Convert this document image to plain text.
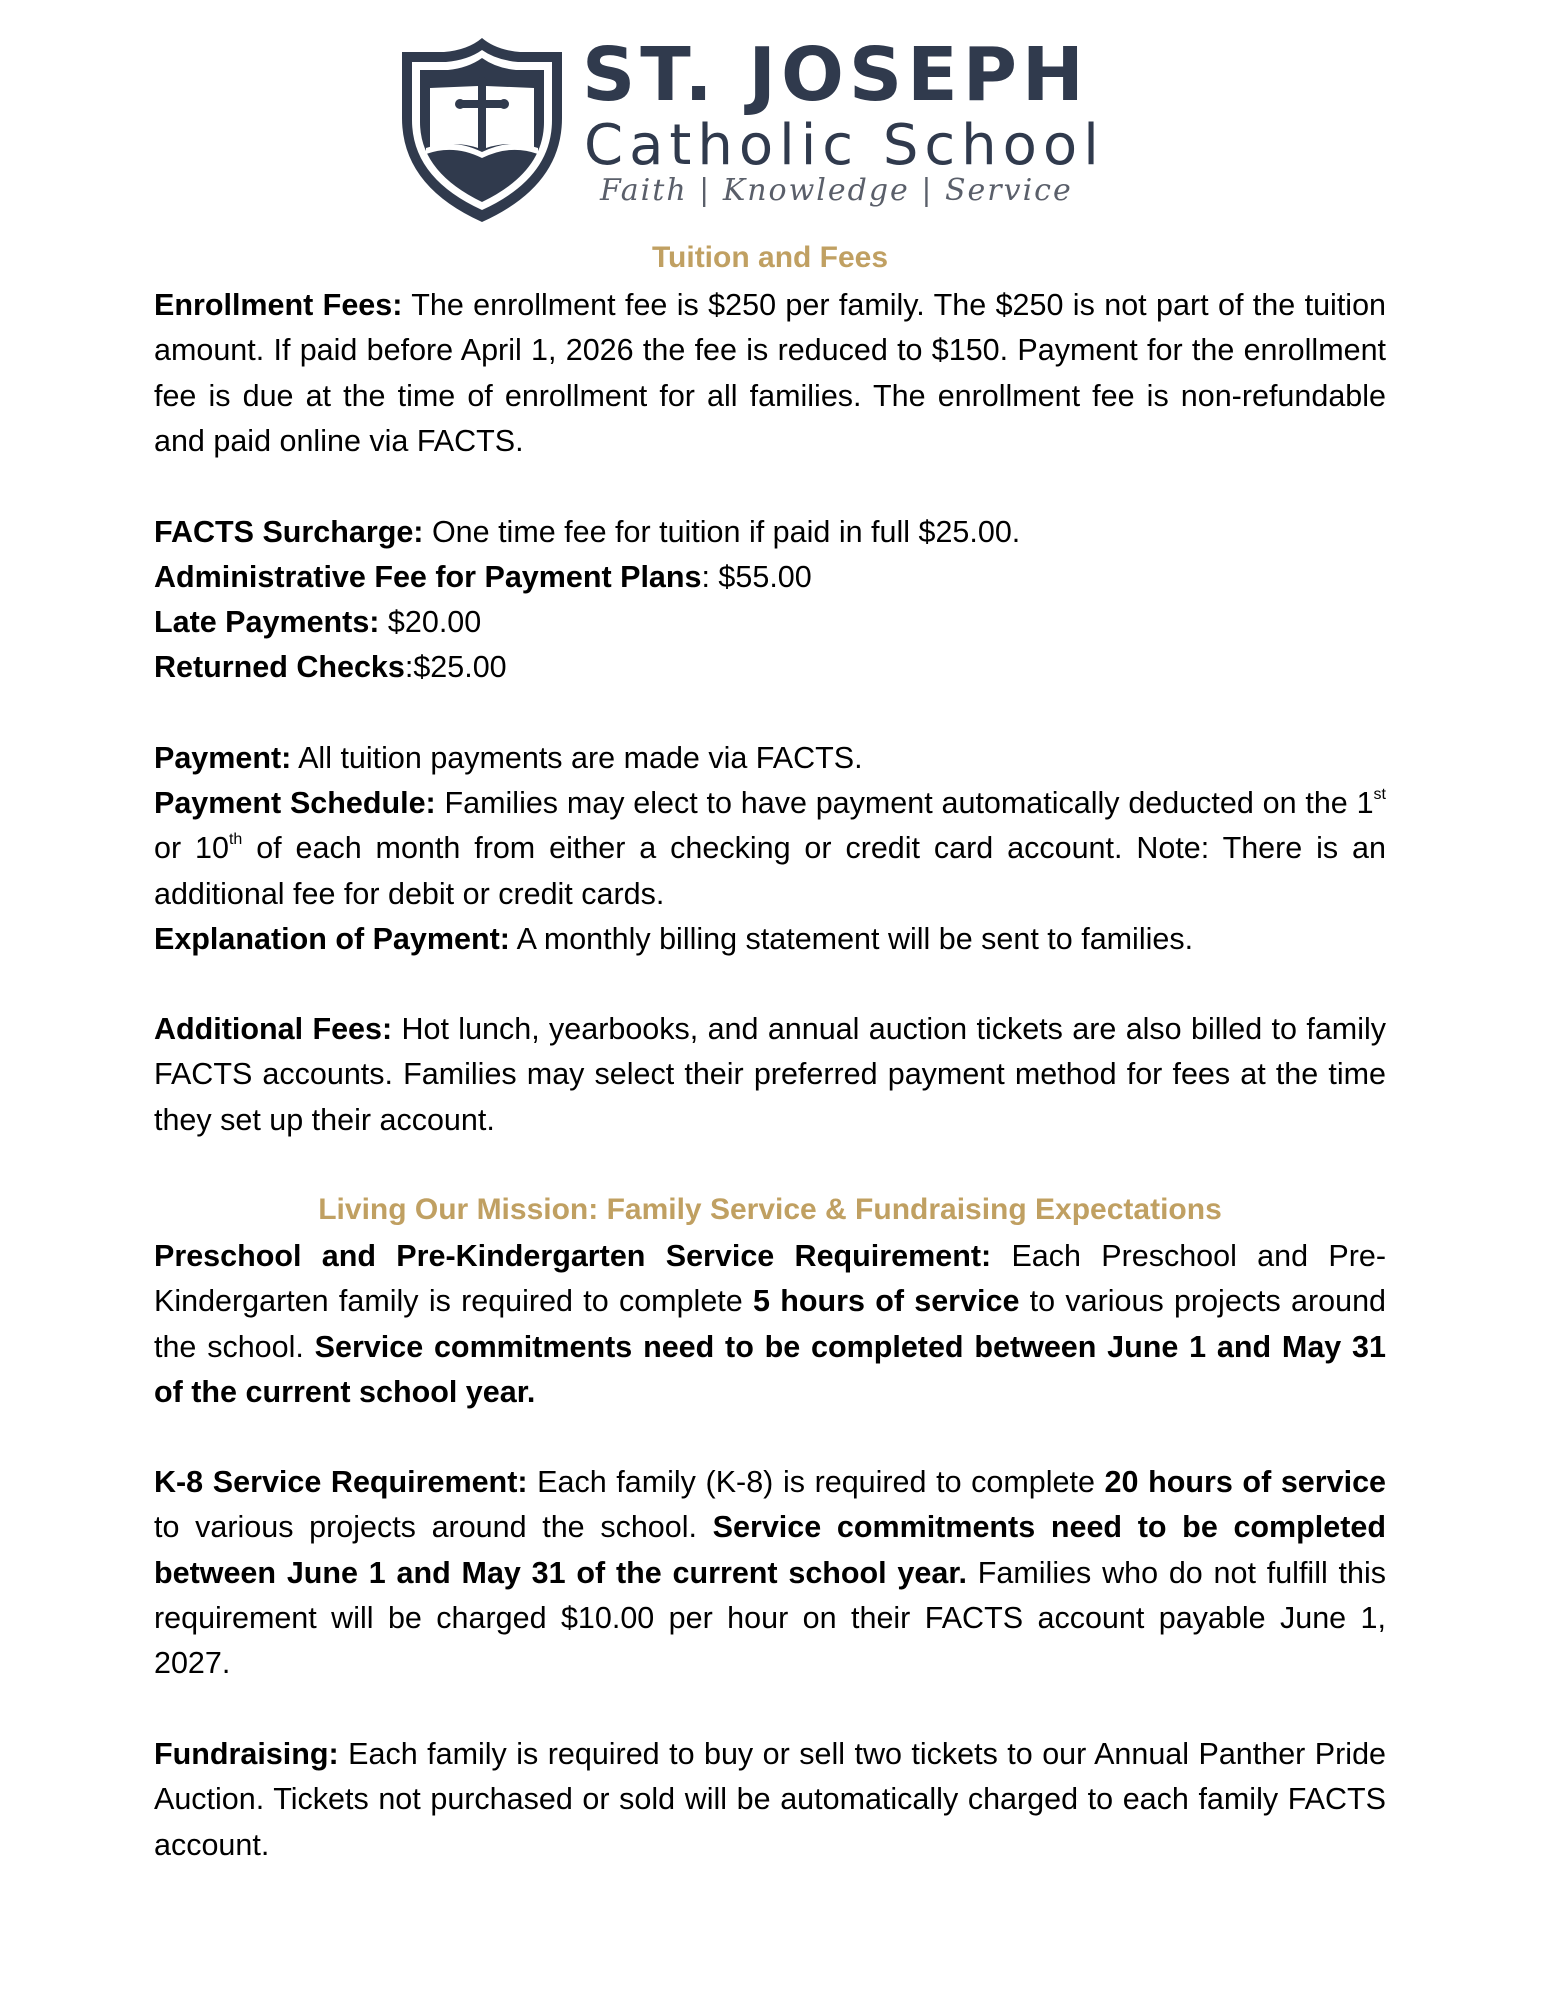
ST. JOSEPH
Catholic School
Faith | Knowledge | Service
Tuition and Fees
Enrollment Fees: The enrollment fee is $250 per family. The $250 is not part of the tuition amount. If paid before April 1, 2026 the fee is reduced to $150. Payment for the enrollment fee is due at the time of enrollment for all families. The enrollment fee is non-refundable and paid online via FACTS.
FACTS Surcharge: One time fee for tuition if paid in full $25.00.
Administrative Fee for Payment Plans: $55.00
Late Payments: $20.00
Returned Checks:$25.00
Payment: All tuition payments are made via FACTS.
Payment Schedule: Families may elect to have payment automatically deducted on the 1st or 10th of each month from either a checking or credit card account. Note: There is an additional fee for debit or credit cards.
Explanation of Payment: A monthly billing statement will be sent to families.
Additional Fees: Hot lunch, yearbooks, and annual auction tickets are also billed to family FACTS accounts. Families may select their preferred payment method for fees at the time they set up their account.
Living Our Mission: Family Service & Fundraising Expectations
Preschool and Pre-Kindergarten Service Requirement: Each Preschool and Pre-Kindergarten family is required to complete 5 hours of service to various projects around the school. Service commitments need to be completed between June 1 and May 31 of the current school year.
K-8 Service Requirement: Each family (K-8) is required to complete 20 hours of service to various projects around the school. Service commitments need to be completed between June 1 and May 31 of the current school year. Families who do not fulfill this requirement will be charged $10.00 per hour on their FACTS account payable June 1, 2027.
Fundraising: Each family is required to buy or sell two tickets to our Annual Panther Pride Auction. Tickets not purchased or sold will be automatically charged to each family FACTS account.
